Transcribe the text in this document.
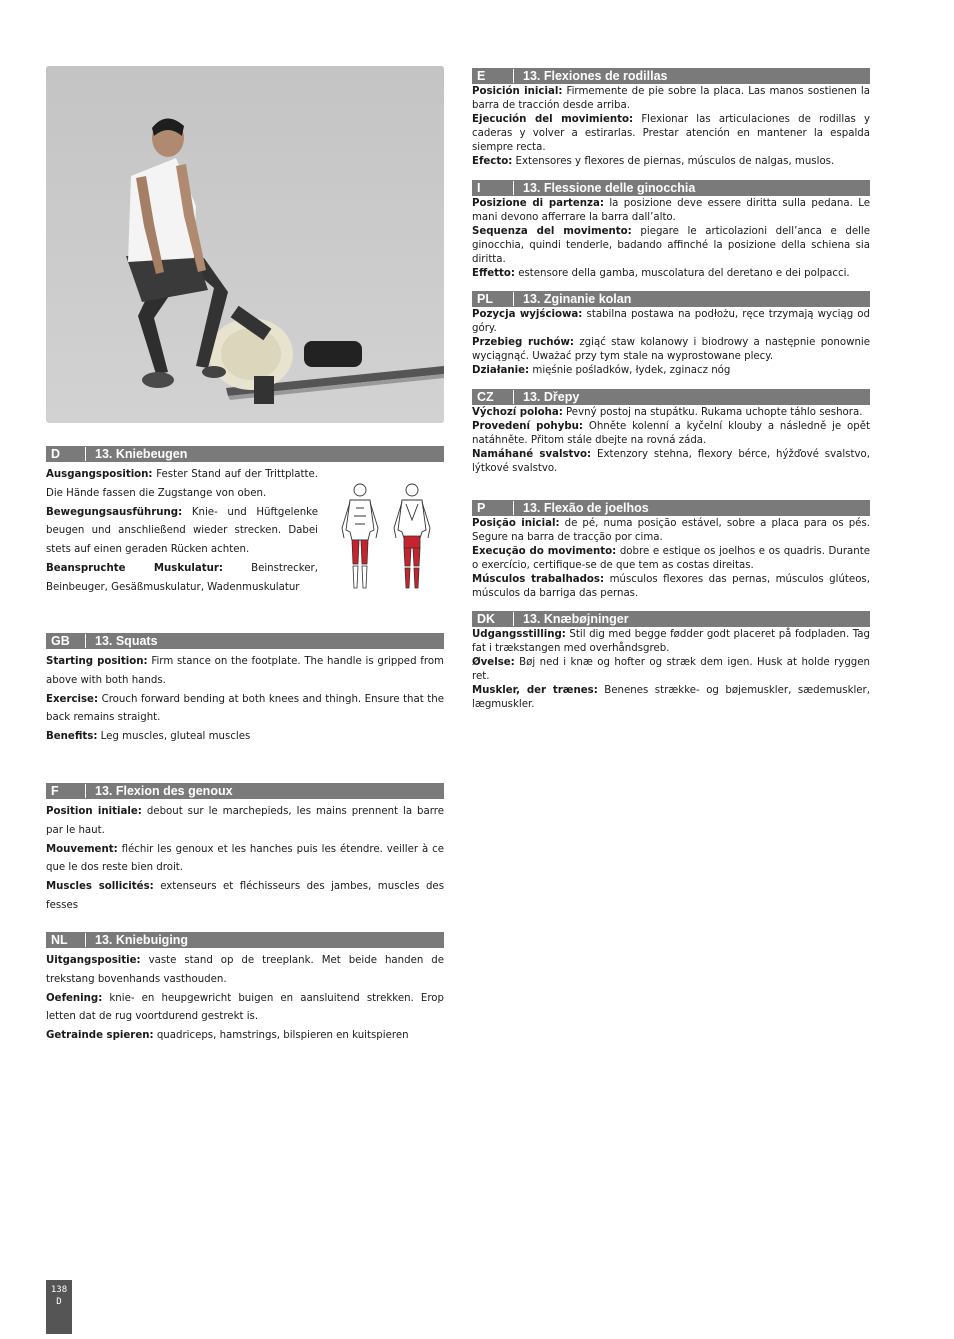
D	13. Kniebeugen

Ausgangsposition: Fester Stand auf der Trittplatte. Die Hände fassen die Zugstange von oben.

Bewegungsausführung: Knie- und Hüftgelenke beugen und anschließend wieder strecken. Dabei stets auf einen geraden Rücken achten.

Beanspruchte Muskulatur:	Beinstrecker, Beinbeuger, Gesäßmuskulatur, Wadenmuskulatur

GB	13. Squats

Starting position: Firm stance on the footplate. The handle is gripped from above with both hands.

Exercise: Crouch forward bending at both knees and thingh. Ensure that the back remains straight.

Benefits: Leg muscles, gluteal muscles

F	13. Flexion des genoux

Position initiale: debout sur le marchepieds, les mains prennent la barre par le haut.

Mouvement: fléchir les genoux et les hanches puis les étendre. veiller à ce que le dos reste bien droit.

Muscles sollicités: extenseurs et fléchisseurs des jambes, muscles des fesses

NL	13. Kniebuiging

Uitgangspositie: vaste stand op de treeplank. Met beide handen de trekstang bovenhands vasthouden.

Oefening: knie- en heupgewricht buigen en aansluitend strekken. Erop letten dat de rug voortdurend gestrekt is.

Getrainde spieren: quadriceps, hamstrings, bilspieren en kuitspieren

E	13. Flexiones de rodillas

Posición inicial: Firmemente de pie sobre la placa. Las manos sostienen la barra de tracción desde arriba.

Ejecución del movimiento: Flexionar las articulaciones de rodillas y caderas y volver a estirarlas. Prestar atención en mantener la espalda siempre recta.

Efecto: Extensores y flexores de piernas, músculos de nalgas, muslos.

I	13. Flessione delle ginocchia

Posizione di partenza: la posizione deve essere diritta sulla pedana. Le mani devono afferrare la barra dall’alto.

Sequenza del movimento: piegare le articolazioni dell’anca e delle ginocchia, quindi tenderle, badando affinché la posizione della schiena sia diritta.

Effetto: estensore della gamba, muscolatura del deretano e dei polpacci.

PL	13. Zginanie kolan

Pozycja wyjściowa: stabilna postawa na podłożu, ręce trzymają wyciąg od góry.

Przebieg ruchów: zgiąć staw kolanowy i biodrowy a następnie ponownie wyciągnąć. Uważać przy tym stale na wyprostowane plecy.

Działanie: mięśnie pośladków, łydek, zginacz nóg

CZ	13. Dřepy

Výchozí poloha: Pevný postoj na stupátku. Rukama uchopte táhlo seshora.

Provedení pohybu: Ohněte kolenní a kyčelní klouby a následně je opět natáhněte. Přitom stále dbejte na rovná záda.

Namáhané svalstvo: Extenzory stehna, flexory bérce, hýžďové svalstvo, lýtkové svalstvo.

P	13. Flexão de joelhos

Posição inicial: de pé, numa posição estável, sobre a placa para os pés. Segure na barra de tracção por cima.

Execução do movimento: dobre e estique os joelhos e os quadris. Durante o exercício, certifique-se de que tem as costas direitas.

Músculos trabalhados: músculos flexores das pernas, músculos glúteos, músculos da barriga das pernas.

DK	13. Knæbøjninger

Udgangsstilling: Stil dig med begge fødder godt placeret på fodpladen. Tag fat i trækstangen med overhåndsgreb.

Øvelse: Bøj ned i knæ og hofter og stræk dem igen. Husk at holde ryggen ret.

Muskler, der trænes: Benenes strække- og bøjemuskler, sædemuskler, lægmuskler.

138
D
